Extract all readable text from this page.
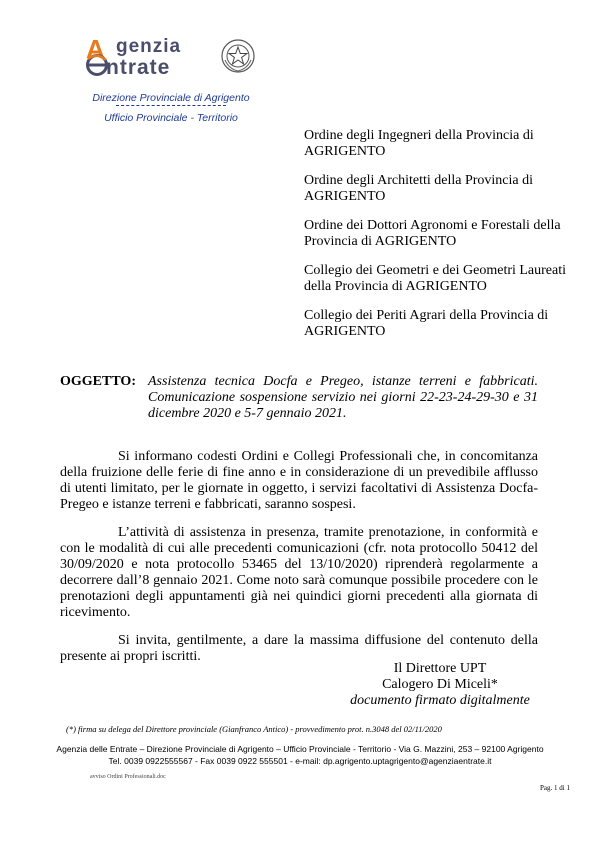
A genzia
ntrate
Direzione Provinciale di Agrigento
Ufficio Provinciale - Territorio

Ordine degli Ingegneri della Provincia di AGRIGENTO

Ordine degli Architetti della Provincia di AGRIGENTO

Ordine dei Dottori Agronomi e Forestali della Provincia di AGRIGENTO

Collegio dei Geometri e dei Geometri Laureati della Provincia di AGRIGENTO

Collegio dei Periti Agrari della Provincia di AGRIGENTO

OGGETTO: Assistenza tecnica Docfa e Pregeo, istanze terreni e fabbricati. Comunicazione sospensione servizio nei giorni 22-23-24-29-30 e 31 dicembre 2020 e 5-7 gennaio 2021.

Si informano codesti Ordini e Collegi Professionali che, in concomitanza della fruizione delle ferie di fine anno e in considerazione di un prevedibile afflusso di utenti limitato, per le giornate in oggetto, i servizi facoltativi di Assistenza Docfa-Pregeo e istanze terreni e fabbricati, saranno sospesi.

L’attività di assistenza in presenza, tramite prenotazione, in conformità e con le modalità di cui alle precedenti comunicazioni (cfr. nota protocollo 50412 del 30/09/2020 e nota protocollo 53465 del 13/10/2020) riprenderà regolarmente a decorrere dall’8 gennaio 2021. Come noto sarà comunque possibile procedere con le prenotazioni degli appuntamenti già nei quindici giorni precedenti alla giornata di ricevimento.

Si invita, gentilmente, a dare la massima diffusione del contenuto della presente ai propri iscritti.

Il Direttore UPT
Calogero Di Miceli*
documento firmato digitalmente
(*) firma su delega del Direttore provinciale (Gianfranco Antico) - provvedimento prot. n.3048 del 02/11/2020
Agenzia delle Entrate – Direzione Provinciale di Agrigento – Ufficio Provinciale - Territorio - Via G. Mazzini, 253 – 92100 Agrigento
Tel. 0039 0922555567 - Fax 0039 0922 555501 - e-mail: dp.agrigento.uptagrigento@agenziaentrate.it
avviso Ordini Professionali.doc
Pag. 1 di 1
